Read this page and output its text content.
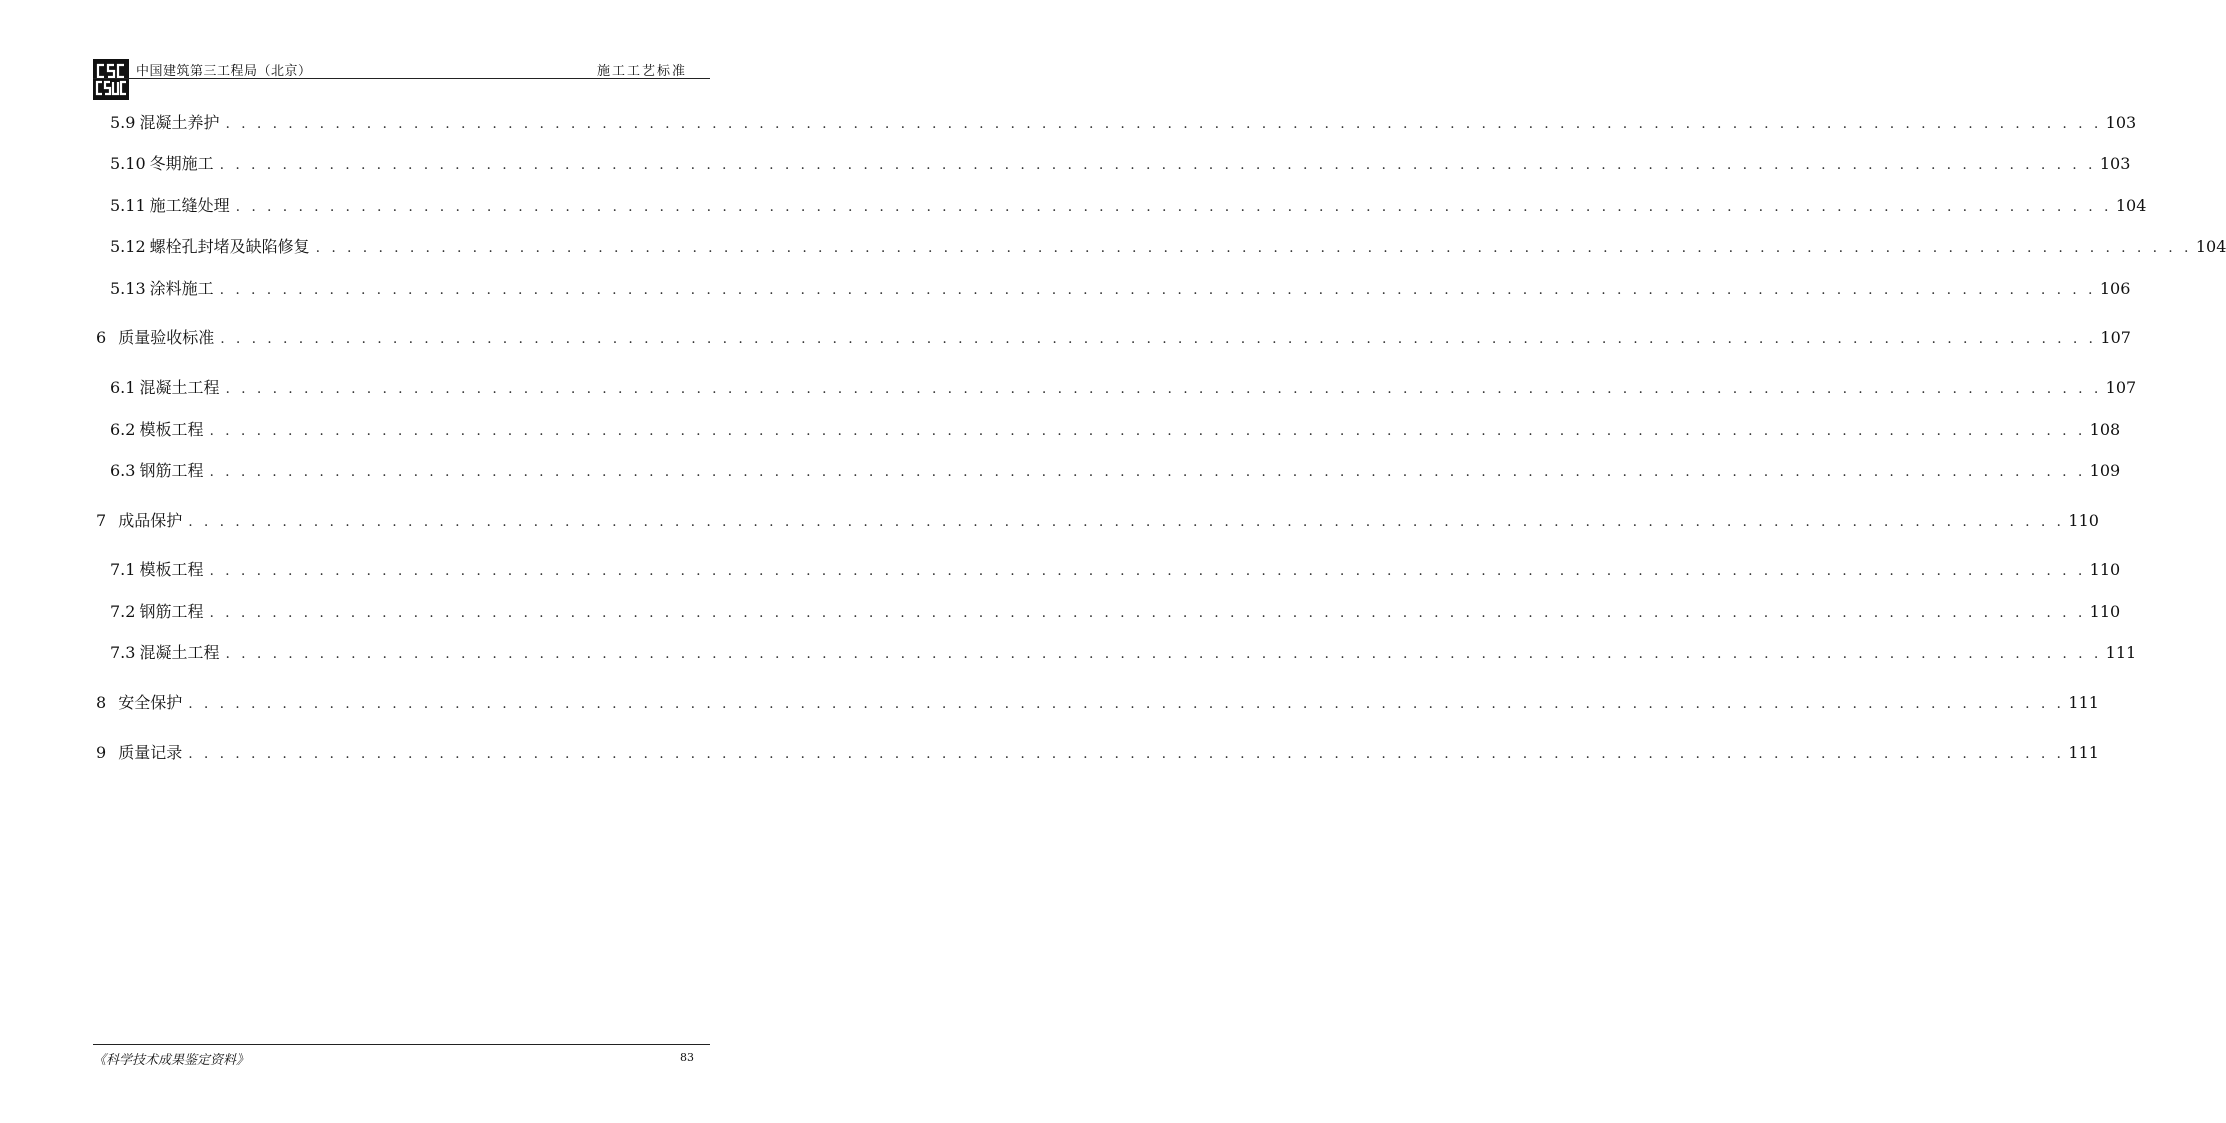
中国建筑第三工程局（北京）	施工工艺标准
5.9 混凝土养护 . . . . . . . . . . . . . . . . . . . . . . . . . . . . . . . . . . . . . . . . . . . . . . . . . . . . . . . . . . . . . . . . . . . . . . . . . . . . . . . . . . . . . . . . . . . . . . . . . . . . . . . . . . . . . . . . . . . . . . . . 103
5.10 冬期施工 . . . . . . . . . . . . . . . . . . . . . . . . . . . . . . . . . . . . . . . . . . . . . . . . . . . . . . . . . . . . . . . . . . . . . . . . . . . . . . . . . . . . . . . . . . . . . . . . . . . . . . . . . . . . . . . . . . . . . . . . 103
5.11 施工缝处理 . . . . . . . . . . . . . . . . . . . . . . . . . . . . . . . . . . . . . . . . . . . . . . . . . . . . . . . . . . . . . . . . . . . . . . . . . . . . . . . . . . . . . . . . . . . . . . . . . . . . . . . . . . . . . . . . . . . . . . . . 104
5.12 螺栓孔封堵及缺陷修复 . . . . . . . . . . . . . . . . . . . . . . . . . . . . . . . . . . . . . . . . . . . . . . . . . . . . . . . . . . . . . . . . . . . . . . . . . . . . . . . . . . . . . . . . . . . . . . . . . . . . . . . . . . . . . . . . . . . . . . . . 104
5.13 涂料施工 . . . . . . . . . . . . . . . . . . . . . . . . . . . . . . . . . . . . . . . . . . . . . . . . . . . . . . . . . . . . . . . . . . . . . . . . . . . . . . . . . . . . . . . . . . . . . . . . . . . . . . . . . . . . . . . . . . . . . . . . 106
6 质量验收标准 . . . . . . . . . . . . . . . . . . . . . . . . . . . . . . . . . . . . . . . . . . . . . . . . . . . . . . . . . . . . . . . . . . . . . . . . . . . . . . . . . . . . . . . . . . . . . . . . . . . . . . . . . . . . . . . . . . . . . . . . 107
6.1 混凝土工程 . . . . . . . . . . . . . . . . . . . . . . . . . . . . . . . . . . . . . . . . . . . . . . . . . . . . . . . . . . . . . . . . . . . . . . . . . . . . . . . . . . . . . . . . . . . . . . . . . . . . . . . . . . . . . . . . . . . . . . . . 107
6.2 模板工程 . . . . . . . . . . . . . . . . . . . . . . . . . . . . . . . . . . . . . . . . . . . . . . . . . . . . . . . . . . . . . . . . . . . . . . . . . . . . . . . . . . . . . . . . . . . . . . . . . . . . . . . . . . . . . . . . . . . . . . . . 108
6.3 钢筋工程 . . . . . . . . . . . . . . . . . . . . . . . . . . . . . . . . . . . . . . . . . . . . . . . . . . . . . . . . . . . . . . . . . . . . . . . . . . . . . . . . . . . . . . . . . . . . . . . . . . . . . . . . . . . . . . . . . . . . . . . . 109
7 成品保护 . . . . . . . . . . . . . . . . . . . . . . . . . . . . . . . . . . . . . . . . . . . . . . . . . . . . . . . . . . . . . . . . . . . . . . . . . . . . . . . . . . . . . . . . . . . . . . . . . . . . . . . . . . . . . . . . . . . . . . . . 110
7.1 模板工程 . . . . . . . . . . . . . . . . . . . . . . . . . . . . . . . . . . . . . . . . . . . . . . . . . . . . . . . . . . . . . . . . . . . . . . . . . . . . . . . . . . . . . . . . . . . . . . . . . . . . . . . . . . . . . . . . . . . . . . . . 110
7.2 钢筋工程 . . . . . . . . . . . . . . . . . . . . . . . . . . . . . . . . . . . . . . . . . . . . . . . . . . . . . . . . . . . . . . . . . . . . . . . . . . . . . . . . . . . . . . . . . . . . . . . . . . . . . . . . . . . . . . . . . . . . . . . . 110
7.3 混凝土工程 . . . . . . . . . . . . . . . . . . . . . . . . . . . . . . . . . . . . . . . . . . . . . . . . . . . . . . . . . . . . . . . . . . . . . . . . . . . . . . . . . . . . . . . . . . . . . . . . . . . . . . . . . . . . . . . . . . . . . . . . 111
8 安全保护 . . . . . . . . . . . . . . . . . . . . . . . . . . . . . . . . . . . . . . . . . . . . . . . . . . . . . . . . . . . . . . . . . . . . . . . . . . . . . . . . . . . . . . . . . . . . . . . . . . . . . . . . . . . . . . . . . . . . . . . . 111
9 质量记录 . . . . . . . . . . . . . . . . . . . . . . . . . . . . . . . . . . . . . . . . . . . . . . . . . . . . . . . . . . . . . . . . . . . . . . . . . . . . . . . . . . . . . . . . . . . . . . . . . . . . . . . . . . . . . . . . . . . . . . . . 111
《科学技术成果鉴定资料》	83
